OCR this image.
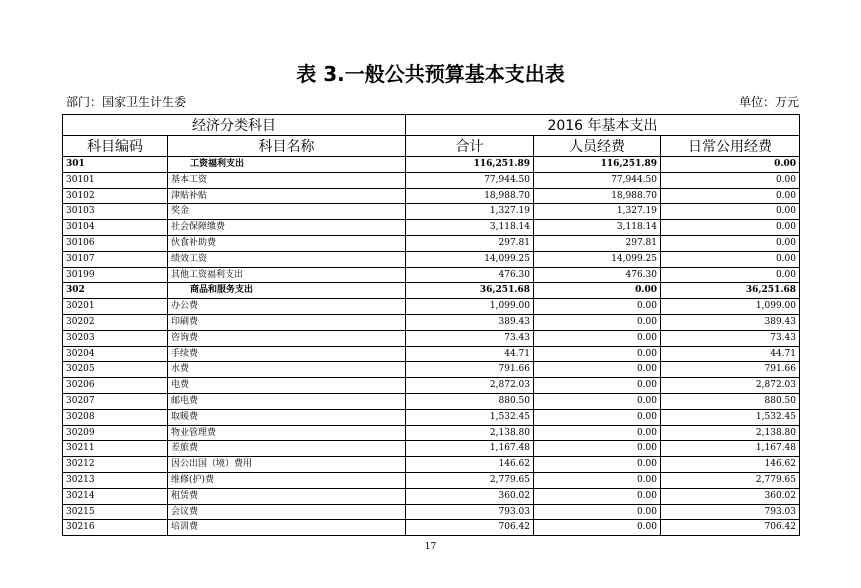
表 3.一般公共预算基本支出表
部门：国家卫生计生委	单位：万元
经济分类科目		2016 年基本支出		
科目编码	科目名称	合计	人员经费	日常公用经费
301	工资福利支出	116,251.89	116,251.89	0.00
30101	基本工资	77,944.50	77,944.50	0.00
30102	津贴补贴	18,988.70	18,988.70	0.00
30103	奖金	1,327.19	1,327.19	0.00
30104	社会保障缴费	3,118.14	3,118.14	0.00
30106	伙食补助费	297.81	297.81	0.00
30107	绩效工资	14,099.25	14,099.25	0.00
30199	其他工资福利支出	476.30	476.30	0.00
302	商品和服务支出	36,251.68	0.00	36,251.68
30201	办公费	1,099.00	0.00	1,099.00
30202	印刷费	389.43	0.00	389.43
30203	咨询费	73.43	0.00	73.43
30204	手续费	44.71	0.00	44.71
30205	水费	791.66	0.00	791.66
30206	电费	2,872.03	0.00	2,872.03
30207	邮电费	880.50	0.00	880.50
30208	取暖费	1,532.45	0.00	1,532.45
30209	物业管理费	2,138.80	0.00	2,138.80
30211	差旅费	1,167.48	0.00	1,167.48
30212	因公出国（境）费用	146.62	0.00	146.62
30213	维修(护)费	2,779.65	0.00	2,779.65
30214	租赁费	360.02	0.00	360.02
30215	会议费	793.03	0.00	793.03
30216	培训费	706.42	0.00	706.42
17
